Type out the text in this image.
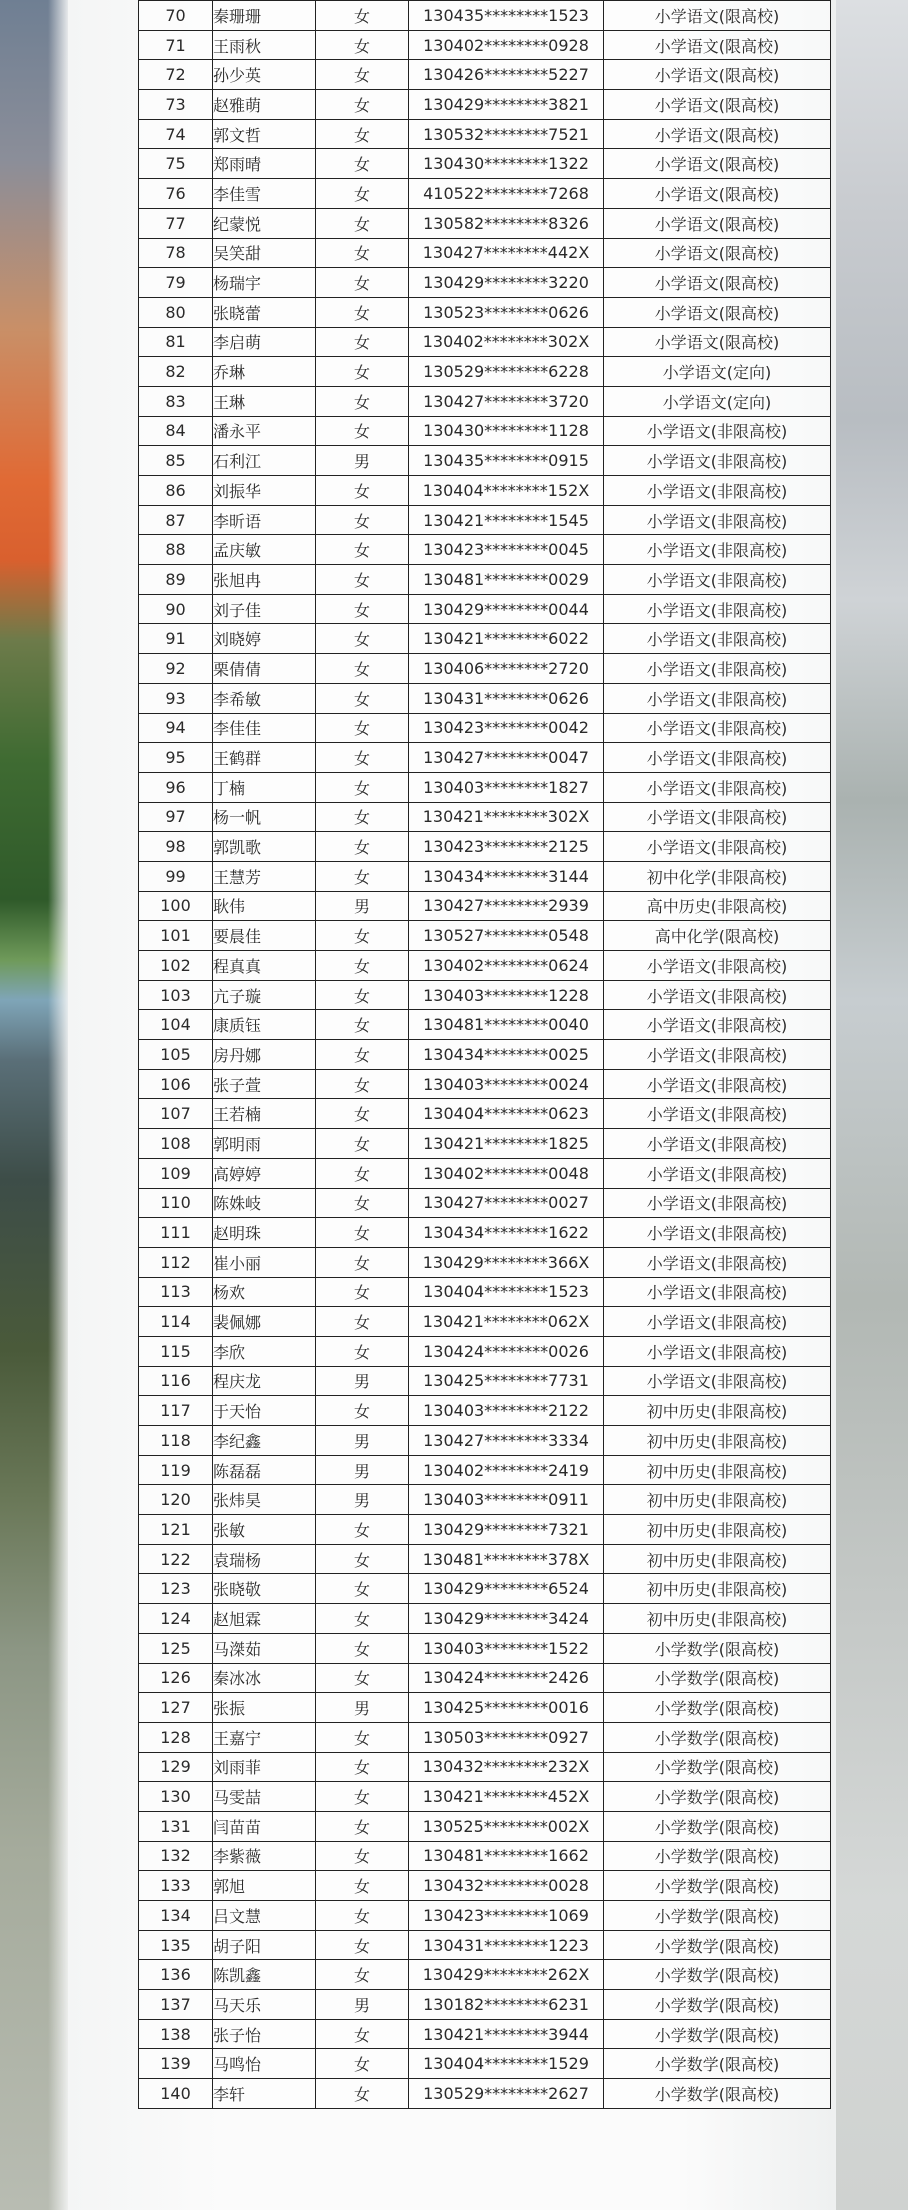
70	秦珊珊	女	130435********1523	小学语文(限高校)
71	王雨秋	女	130402********0928	小学语文(限高校)
72	孙少英	女	130426********5227	小学语文(限高校)
73	赵雅萌	女	130429********3821	小学语文(限高校)
74	郭文哲	女	130532********7521	小学语文(限高校)
75	郑雨晴	女	130430********1322	小学语文(限高校)
76	李佳雪	女	410522********7268	小学语文(限高校)
77	纪蒙悦	女	130582********8326	小学语文(限高校)
78	吴笑甜	女	130427********442X	小学语文(限高校)
79	杨瑞宇	女	130429********3220	小学语文(限高校)
80	张晓蕾	女	130523********0626	小学语文(限高校)
81	李启萌	女	130402********302X	小学语文(限高校)
82	乔琳	女	130529********6228	小学语文(定向)
83	王琳	女	130427********3720	小学语文(定向)
84	潘永平	女	130430********1128	小学语文(非限高校)
85	石利江	男	130435********0915	小学语文(非限高校)
86	刘振华	女	130404********152X	小学语文(非限高校)
87	李昕语	女	130421********1545	小学语文(非限高校)
88	孟庆敏	女	130423********0045	小学语文(非限高校)
89	张旭冉	女	130481********0029	小学语文(非限高校)
90	刘子佳	女	130429********0044	小学语文(非限高校)
91	刘晓婷	女	130421********6022	小学语文(非限高校)
92	栗倩倩	女	130406********2720	小学语文(非限高校)
93	李希敏	女	130431********0626	小学语文(非限高校)
94	李佳佳	女	130423********0042	小学语文(非限高校)
95	王鹤群	女	130427********0047	小学语文(非限高校)
96	丁楠	女	130403********1827	小学语文(非限高校)
97	杨一帆	女	130421********302X	小学语文(非限高校)
98	郭凯歌	女	130423********2125	小学语文(非限高校)
99	王慧芳	女	130434********3144	初中化学(非限高校)
100	耿伟	男	130427********2939	高中历史(非限高校)
101	要晨佳	女	130527********0548	高中化学(限高校)
102	程真真	女	130402********0624	小学语文(非限高校)
103	亢子璇	女	130403********1228	小学语文(非限高校)
104	康质钰	女	130481********0040	小学语文(非限高校)
105	房丹娜	女	130434********0025	小学语文(非限高校)
106	张子萱	女	130403********0024	小学语文(非限高校)
107	王若楠	女	130404********0623	小学语文(非限高校)
108	郭明雨	女	130421********1825	小学语文(非限高校)
109	高婷婷	女	130402********0048	小学语文(非限高校)
110	陈姝岐	女	130427********0027	小学语文(非限高校)
111	赵明珠	女	130434********1622	小学语文(非限高校)
112	崔小丽	女	130429********366X	小学语文(非限高校)
113	杨欢	女	130404********1523	小学语文(非限高校)
114	裴佩娜	女	130421********062X	小学语文(非限高校)
115	李欣	女	130424********0026	小学语文(非限高校)
116	程庆龙	男	130425********7731	小学语文(非限高校)
117	于天怡	女	130403********2122	初中历史(非限高校)
118	李纪鑫	男	130427********3334	初中历史(非限高校)
119	陈磊磊	男	130402********2419	初中历史(非限高校)
120	张炜昊	男	130403********0911	初中历史(非限高校)
121	张敏	女	130429********7321	初中历史(非限高校)
122	袁瑞杨	女	130481********378X	初中历史(非限高校)
123	张晓敬	女	130429********6524	初中历史(非限高校)
124	赵旭霖	女	130429********3424	初中历史(非限高校)
125	马滐茹	女	130403********1522	小学数学(限高校)
126	秦冰冰	女	130424********2426	小学数学(限高校)
127	张振	男	130425********0016	小学数学(限高校)
128	王嘉宁	女	130503********0927	小学数学(限高校)
129	刘雨菲	女	130432********232X	小学数学(限高校)
130	马雯喆	女	130421********452X	小学数学(限高校)
131	闫苗苗	女	130525********002X	小学数学(限高校)
132	李紫薇	女	130481********1662	小学数学(限高校)
133	郭旭	女	130432********0028	小学数学(限高校)
134	吕文慧	女	130423********1069	小学数学(限高校)
135	胡子阳	女	130431********1223	小学数学(限高校)
136	陈凯鑫	女	130429********262X	小学数学(限高校)
137	马天乐	男	130182********6231	小学数学(限高校)
138	张子怡	女	130421********3944	小学数学(限高校)
139	马鸣怡	女	130404********1529	小学数学(限高校)
140	李轩	女	130529********2627	小学数学(限高校)
